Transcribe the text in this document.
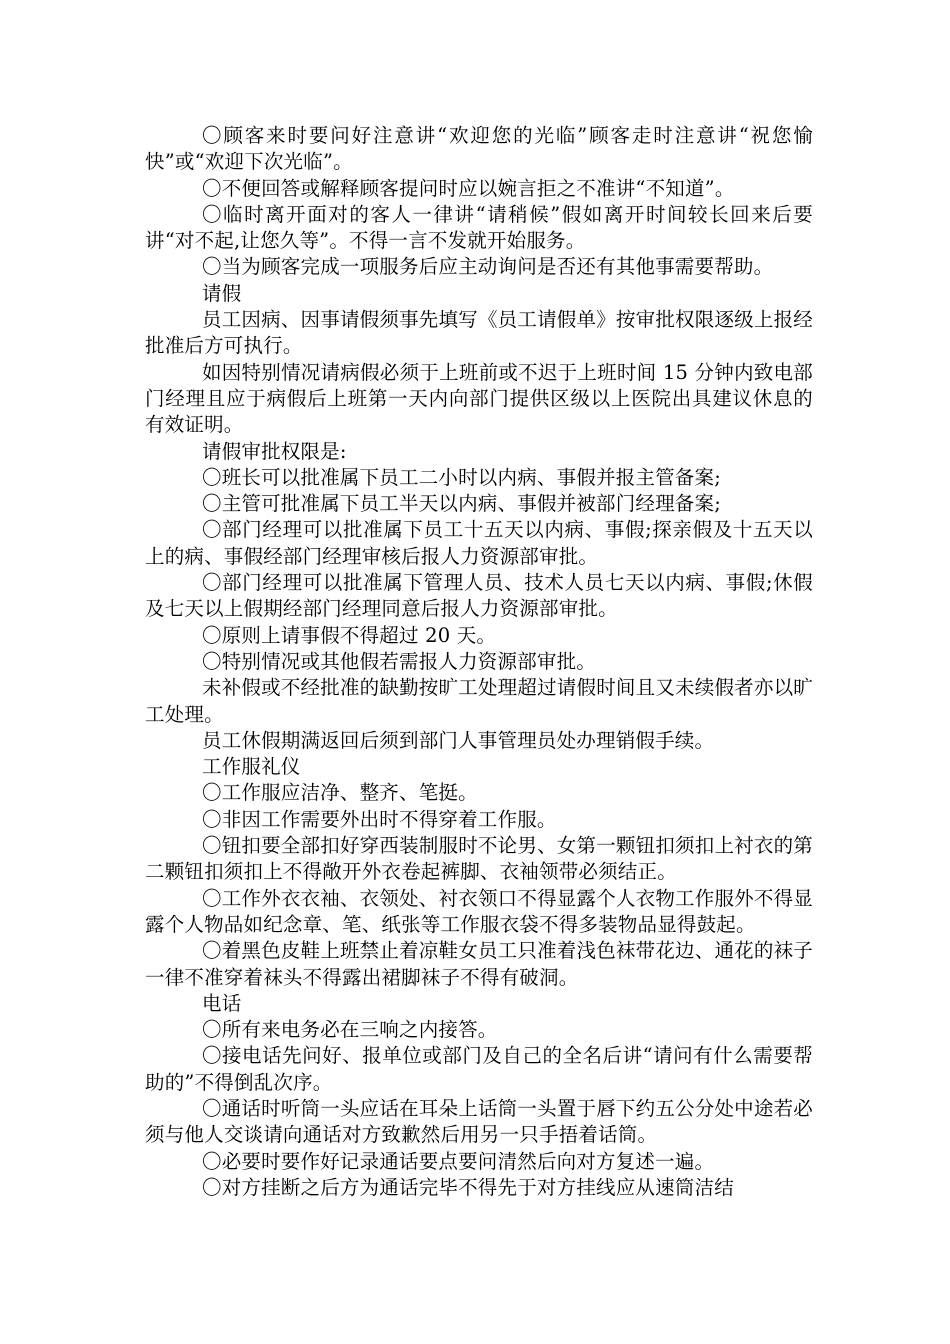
〇顾客来时要问好注意讲“欢迎您的光临”顾客走时注意讲“祝您愉快”或“欢迎下次光临”。

〇不便回答或解释顾客提问时应以婉言拒之不准讲“不知道”。

〇临时离开面对的客人一律讲“请稍候”假如离开时间较长回来后要讲“对不起,让您久等”。不得一言不发就开始服务。

〇当为顾客完成一项服务后应主动询问是否还有其他事需要帮助。

请假

员工因病、因事请假须事先填写《员工请假单》按审批权限逐级上报经批准后方可执行。

如因特别情况请病假必须于上班前或不迟于上班时间 15 分钟内致电部门经理且应于病假后上班第一天内向部门提供区级以上医院出具建议休息的有效证明。

请假审批权限是:

〇班长可以批准属下员工二小时以内病、事假并报主管备案;

〇主管可批准属下员工半天以内病、事假并被部门经理备案;

〇部门经理可以批准属下员工十五天以内病、事假;探亲假及十五天以上的病、事假经部门经理审核后报人力资源部审批。

〇部门经理可以批准属下管理人员、技术人员七天以内病、事假;休假及七天以上假期经部门经理同意后报人力资源部审批。

〇原则上请事假不得超过 20 天。

〇特别情况或其他假若需报人力资源部审批。

未补假或不经批准的缺勤按旷工处理超过请假时间且又未续假者亦以旷工处理。

员工休假期满返回后须到部门人事管理员处办理销假手续。

工作服礼仪

〇工作服应洁净、整齐、笔挺。

〇非因工作需要外出时不得穿着工作服。

〇钮扣要全部扣好穿西装制服时不论男、女第一颗钮扣须扣上衬衣的第二颗钮扣须扣上不得敞开外衣卷起裤脚、衣袖领带必须结正。

〇工作外衣衣袖、衣领处、衬衣领口不得显露个人衣物工作服外不得显露个人物品如纪念章、笔、纸张等工作服衣袋不得多装物品显得鼓起。

〇着黑色皮鞋上班禁止着凉鞋女员工只准着浅色袜带花边、通花的袜子一律不准穿着袜头不得露出裙脚袜子不得有破洞。

电话

〇所有来电务必在三响之内接答。

〇接电话先问好、报单位或部门及自己的全名后讲“请问有什么需要帮助的”不得倒乱次序。

〇通话时听筒一头应话在耳朵上话筒一头置于唇下约五公分处中途若必须与他人交谈请向通话对方致歉然后用另一只手捂着话筒。

〇必要时要作好记录通话要点要问清然后向对方复述一遍。

〇对方挂断之后方为通话完毕不得先于对方挂线应从速筒洁结
